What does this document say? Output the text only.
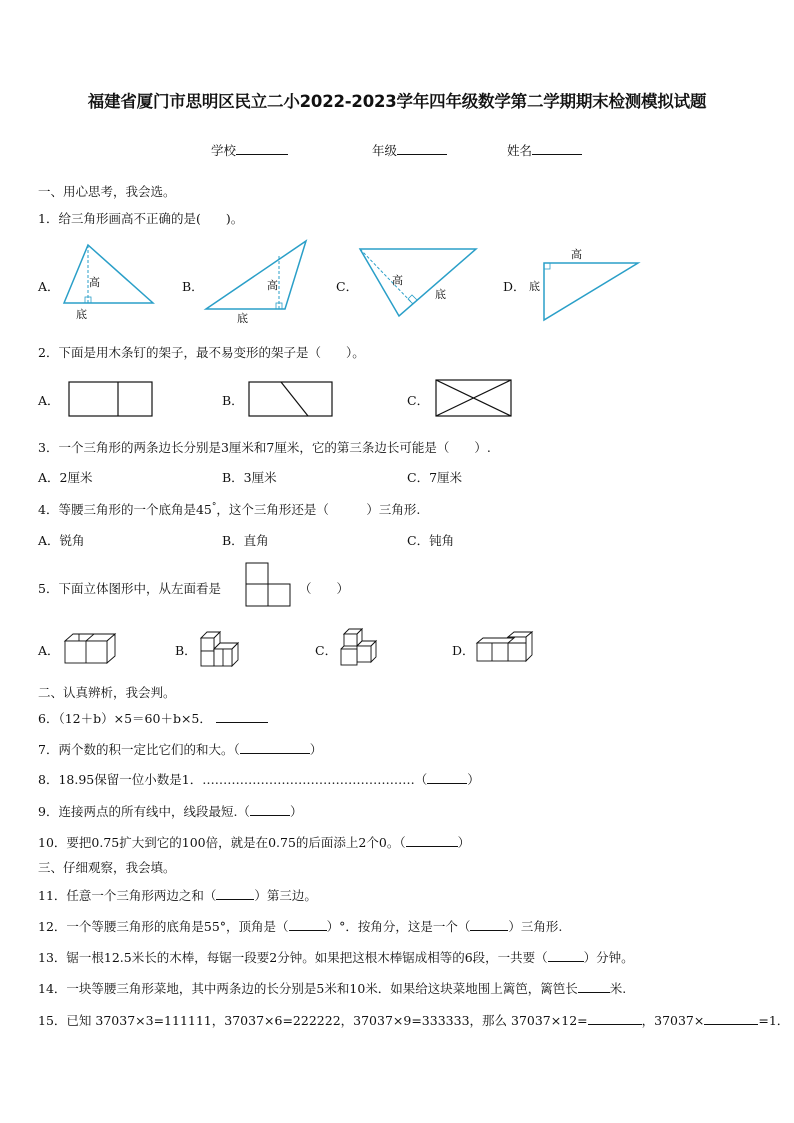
福建省厦门市思明区民立二小2022-2023学年四年级数学第二学期期末检测模拟试题
学校	年级	姓名
一、用心思考，我会选。
1．给三角形画高不正确的是(　　)。
A．	高
底
B．	高
底
C．	高
底
D．
高
底
2．下面是用木条钉的架子，最不易变形的架子是（　　）。
A．	B．	C．
3．一个三角形的两条边长分别是3厘米和7厘米，它的第三条边长可能是（　　）.
A．2厘米	B．3厘米	C．7厘米
4．等腰三角形的一个底角是45°，这个三角形还是（　　　）三角形.
A．锐角	B．直角	C．钝角
5．下面立体图形中，从左面看是	（　　）
A．	B．	C．	D．
二、认真辨析，我会判。
6．（12＋b）×5＝60＋b×5．
7．两个数的积一定比它们的和大。（	）
8．18.95保留一位小数是1．……………………………………………（	）
9．连接两点的所有线中，线段最短.（	）
10．要把0.75扩大到它的100倍，就是在0.75的后面添上2个0。（	）
三、仔细观察，我会填。
11．任意一个三角形两边之和（	）第三边。
12．一个等腰三角形的底角是55°，顶角是（	）°．按角分，这是一个（	）三角形.
13．锯一根12.5米长的木棒，每锯一段要2分钟。如果把这根木棒锯成相等的6段，一共要（	）分钟。
14．一块等腰三角形菜地，其中两条边的长分别是5米和10米．如果给这块菜地围上篱笆，篱笆长	米.
15．已知 37037×3=111111，37037×6=222222，37037×9=333333，那么 37037×12=	，37037×	=1．
